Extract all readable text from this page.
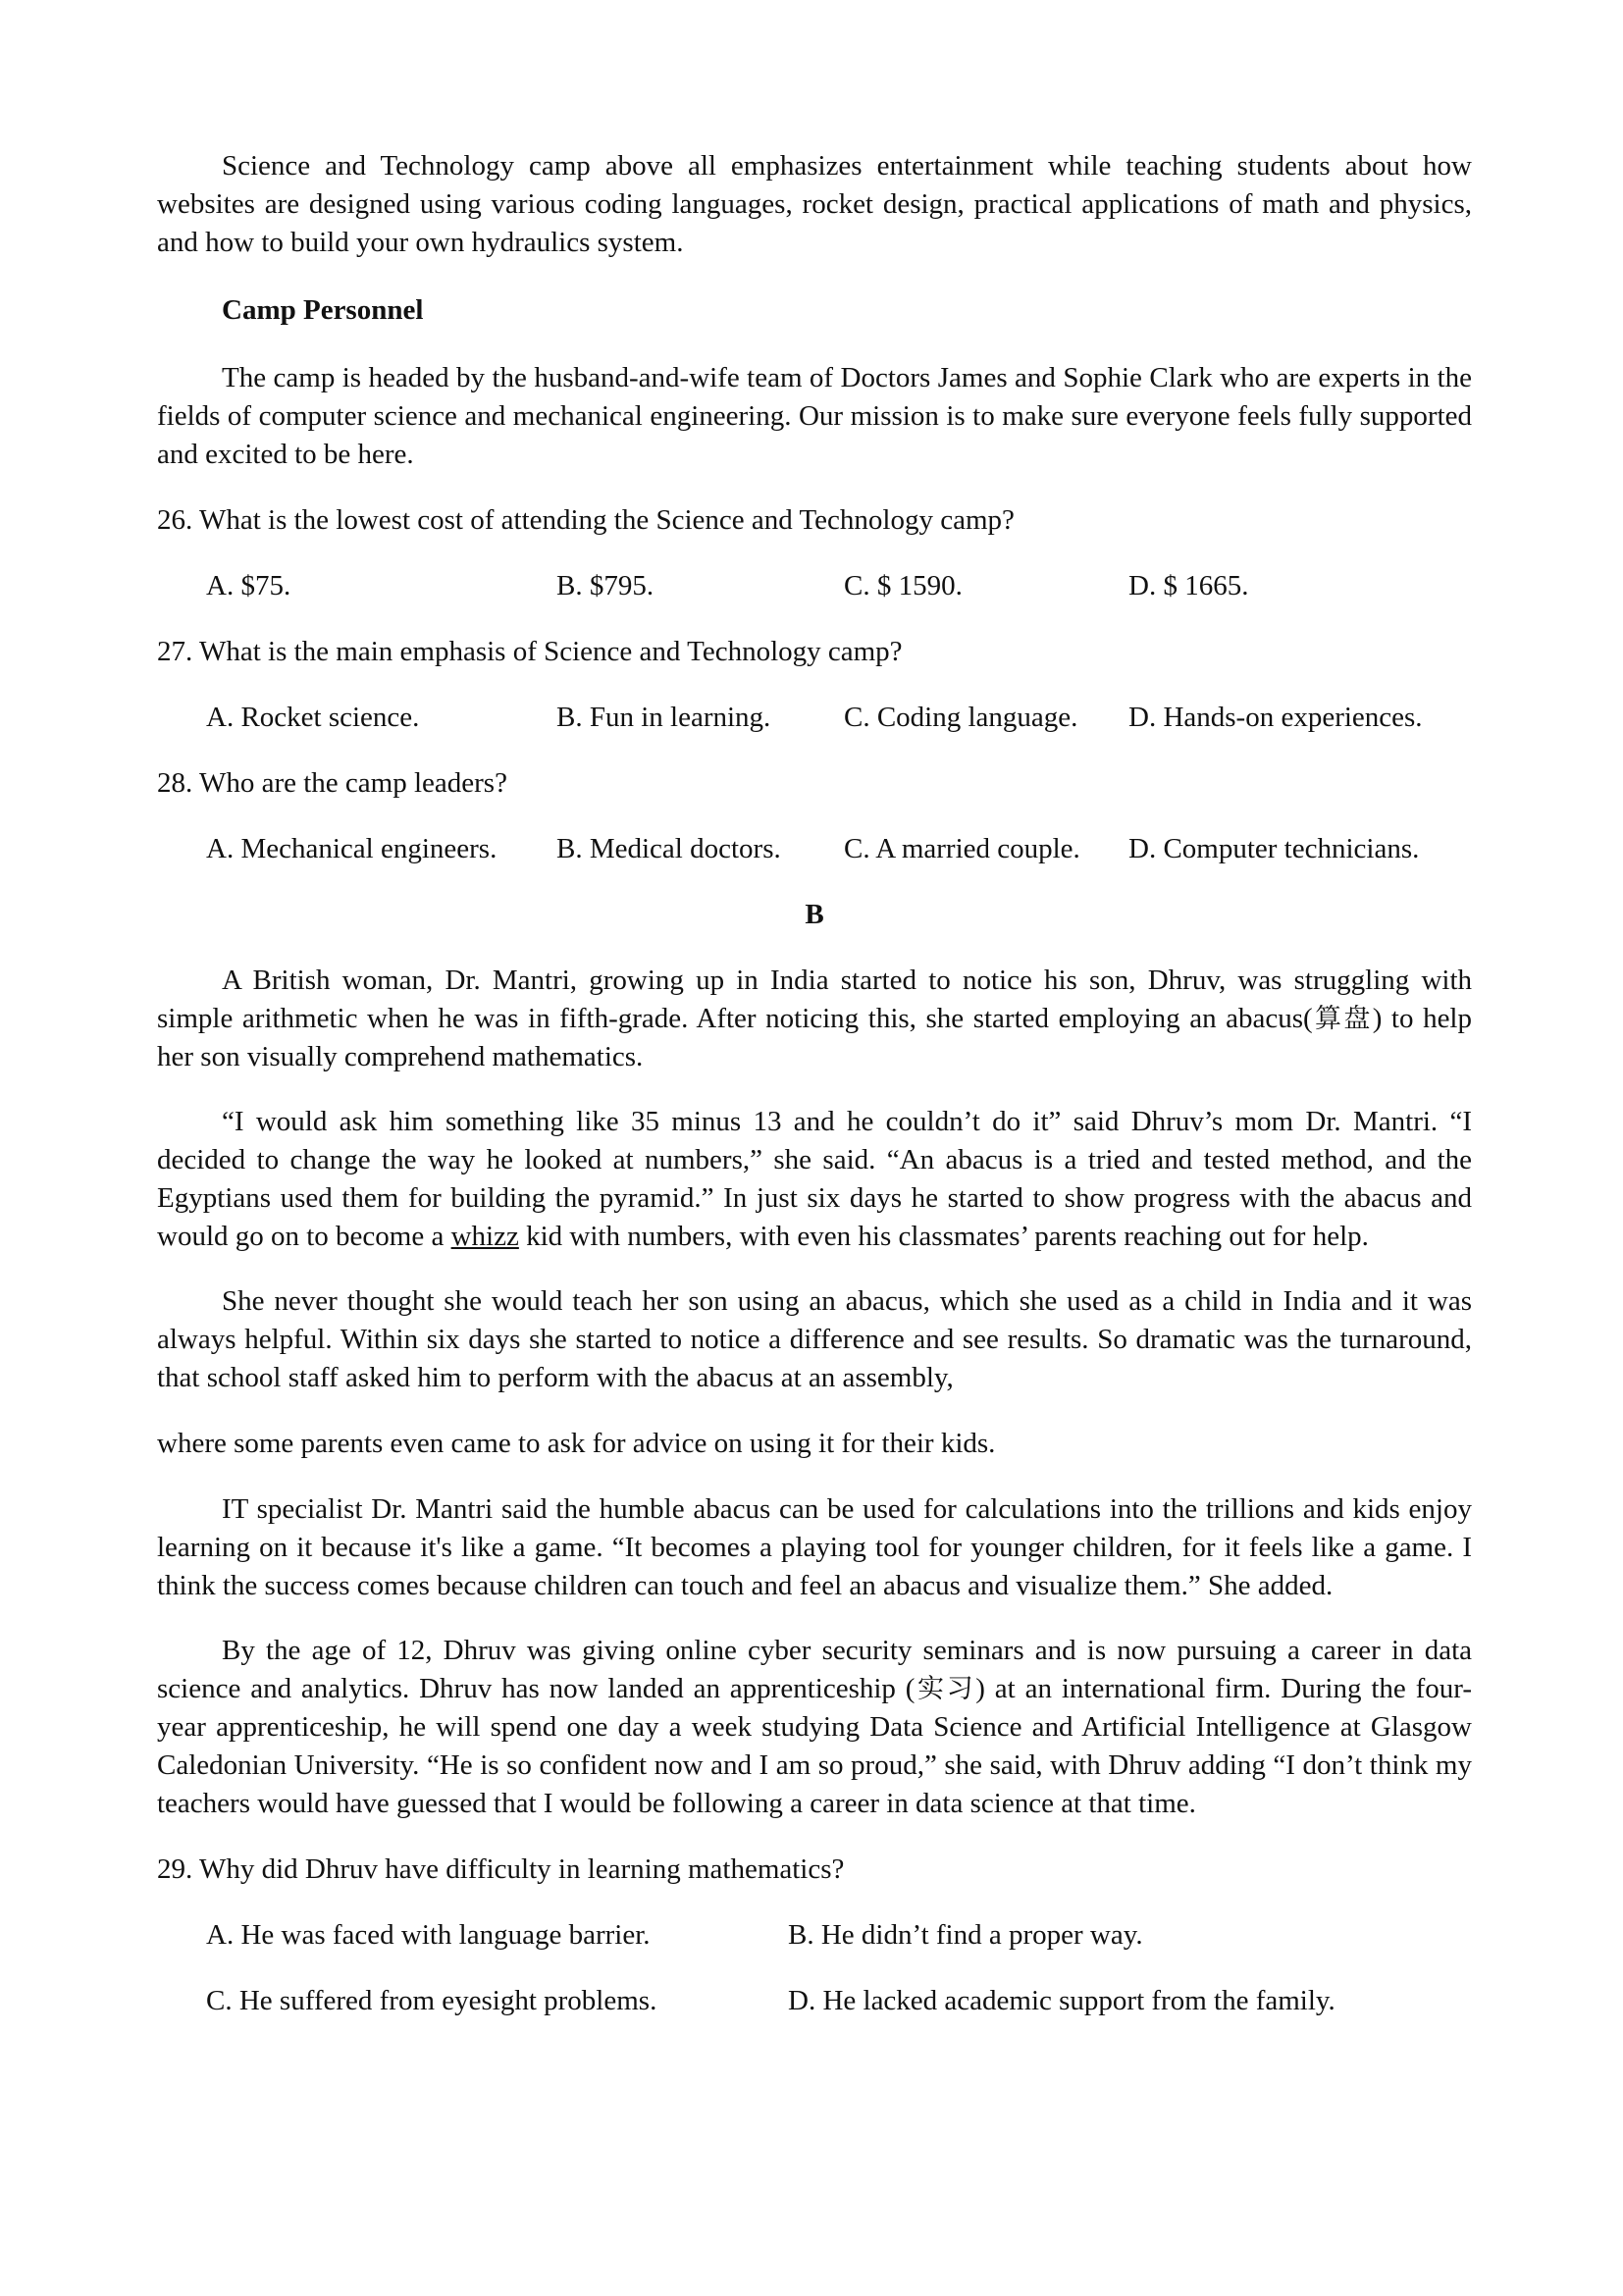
Science and Technology camp above all emphasizes entertainment while teaching students about how websites are designed using various coding languages, rocket design, practical applications of math and physics, and how to build your own hydraulics system.

Camp Personnel

The camp is headed by the husband-and-wife team of Doctors James and Sophie Clark who are experts in the fields of computer science and mechanical engineering. Our mission is to make sure everyone feels fully supported and excited to be here.

26. What is the lowest cost of attending the Science and Technology camp?

A. $75.	B. $795.	C. $ 1590.	D. $ 1665.

27. What is the main emphasis of Science and Technology camp?

A. Rocket science.	B. Fun in learning.	C. Coding language.	D. Hands-on experiences.

28. Who are the camp leaders?

A. Mechanical engineers.	B. Medical doctors.	C. A married couple.	D. Computer technicians.

B

A British woman, Dr. Mantri, growing up in India started to notice his son, Dhruv, was struggling with simple arithmetic when he was in fifth-grade. After noticing this, she started employing an abacus(算盘) to help her son visually comprehend mathematics.

“I would ask him something like 35 minus 13 and he couldn’t do it” said Dhruv’s mom Dr. Mantri. “I decided to change the way he looked at numbers,” she said. “An abacus is a tried and tested method, and the Egyptians used them for building the pyramid.” In just six days he started to show progress with the abacus and would go on to become a whizz kid with numbers, with even his classmates’ parents reaching out for help.

She never thought she would teach her son using an abacus, which she used as a child in India and it was always helpful. Within six days she started to notice a difference and see results. So dramatic was the turnaround, that school staff asked him to perform with the abacus at an assembly,

where some parents even came to ask for advice on using it for their kids.

IT specialist Dr. Mantri said the humble abacus can be used for calculations into the trillions and kids enjoy learning on it because it's like a game. “It becomes a playing tool for younger children, for it feels like a game. I think the success comes because children can touch and feel an abacus and visualize them.” She added.

By the age of 12, Dhruv was giving online cyber security seminars and is now pursuing a career in data science and analytics. Dhruv has now landed an apprenticeship (实习) at an international firm. During the four-year apprenticeship, he will spend one day a week studying Data Science and Artificial Intelligence at Glasgow Caledonian University. “He is so confident now and I am so proud,” she said, with Dhruv adding “I don’t think my teachers would have guessed that I would be following a career in data science at that time.

29. Why did Dhruv have difficulty in learning mathematics?

A. He was faced with language barrier.	B. He didn’t find a proper way.
C. He suffered from eyesight problems.	D. He lacked academic support from the family.
